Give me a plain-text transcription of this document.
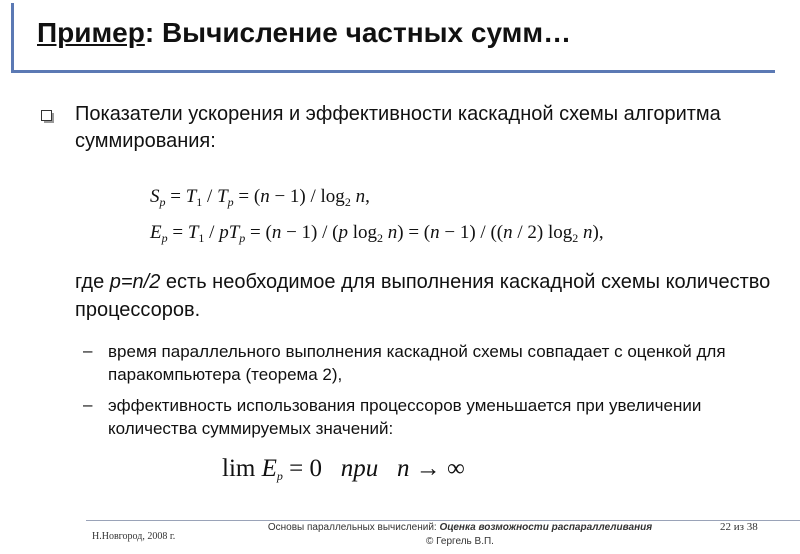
Пример: Вычисление частных сумм…
Показатели ускорения и эффективности каскадной схемы алгоритма суммирования:
$S_p = T_1 / T_p = (n - 1) / \log_2 n$,
$E_p = T_1 / pT_p = (n - 1) / (p$ $\log_2 n) = (n - 1) / ((n / 2)$ $\log_2 n$),
где p=n/2 есть необходимое для выполнения каскадной схемы количество процессоров.
– время параллельного выполнения каскадной схемы совпадает с оценкой для паракомпьютера (теорема 2),
– эффективность использования процессоров уменьшается при увеличении количества суммируемых значений:
$\lim E_p = 0$   при n → ∞
Н.Новгород, 2008 г.
Основы параллельных вычислений: Оценка возможности распараллеливания
© Гергель В.П.
22 из 38
